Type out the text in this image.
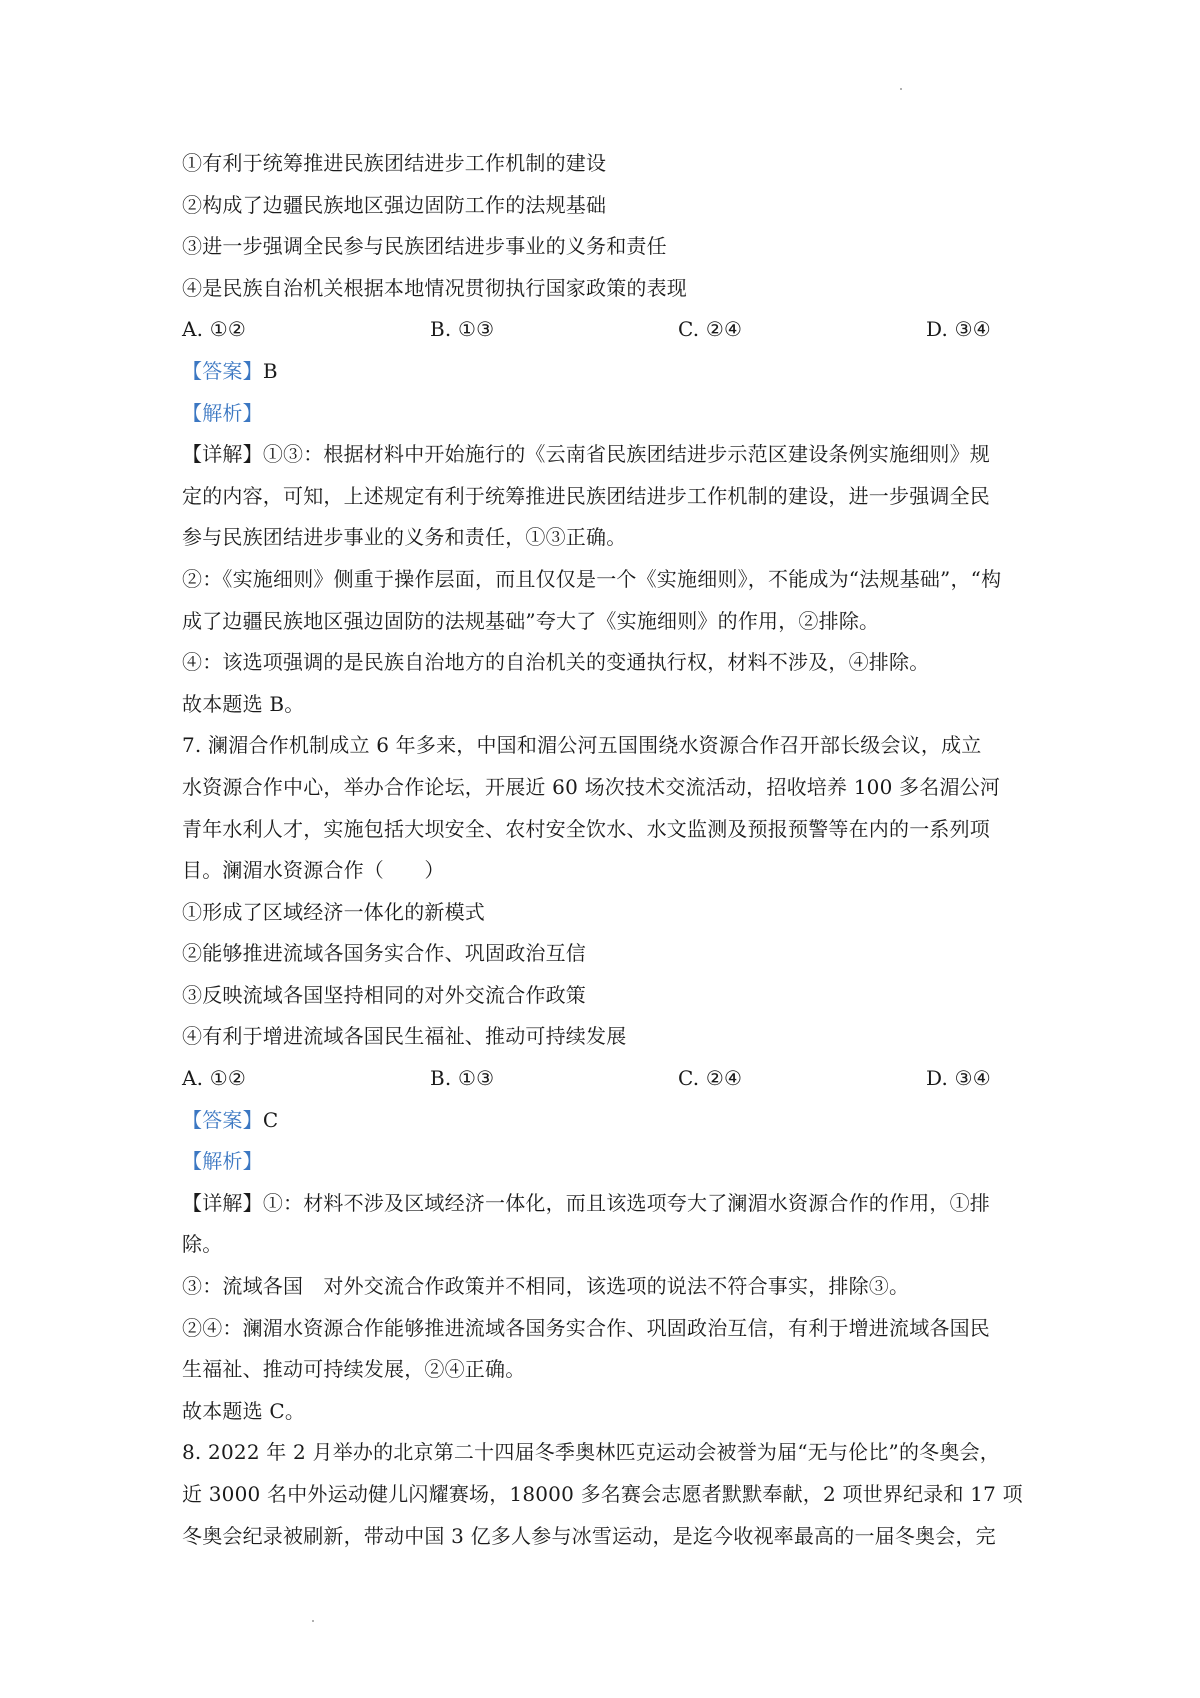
①有利于统筹推进民族团结进步工作机制的建设
②构成了边疆民族地区强边固防工作的法规基础
③进一步强调全民参与民族团结进步事业的义务和责任
④是民族自治机关根据本地情况贯彻执行国家政策的表现
A. ①②	B. ①③	C. ②④	D. ③④
【答案】B
【解析】
【详解】①③：根据材料中开始施行的《云南省民族团结进步示范区建设条例实施细则》规
定的内容，可知，上述规定有利于统筹推进民族团结进步工作机制的建设，进一步强调全民
参与民族团结进步事业的义务和责任，①③正确。
②：《实施细则》侧重于操作层面，而且仅仅是一个《实施细则》，不能成为“法规基础”，“构
成了边疆民族地区强边固防的法规基础”夸大了《实施细则》的作用，②排除。
④：该选项强调的是民族自治地方的自治机关的变通执行权，材料不涉及，④排除。
故本题选 B。
7. 澜湄合作机制成立 6 年多来，中国和湄公河五国围绕水资源合作召开部长级会议，成立
水资源合作中心，举办合作论坛，开展近 60 场次技术交流活动，招收培养 100 多名湄公河
青年水利人才，实施包括大坝安全、农村安全饮水、水文监测及预报预警等在内的一系列项
目。澜湄水资源合作（　　）
①形成了区域经济一体化的新模式
②能够推进流域各国务实合作、巩固政治互信
③反映流域各国坚持相同的对外交流合作政策
④有利于增进流域各国民生福祉、推动可持续发展
A. ①②	B. ①③	C. ②④	D. ③④
【答案】C
【解析】
【详解】①：材料不涉及区域经济一体化，而且该选项夸大了澜湄水资源合作的作用，①排
除。
③：流域各国　对外交流合作政策并不相同，该选项的说法不符合事实，排除③。
②④：澜湄水资源合作能够推进流域各国务实合作、巩固政治互信，有利于增进流域各国民
生福祉、推动可持续发展，②④正确。
故本题选 C。
8. 2022 年 2 月举办的北京第二十四届冬季奥林匹克运动会被誉为届“无与伦比”的冬奥会，
近 3000 名中外运动健儿闪耀赛场，18000 多名赛会志愿者默默奉献，2 项世界纪录和 17 项
冬奥会纪录被刷新，带动中国 3 亿多人参与冰雪运动，是迄今收视率最高的一届冬奥会，完
